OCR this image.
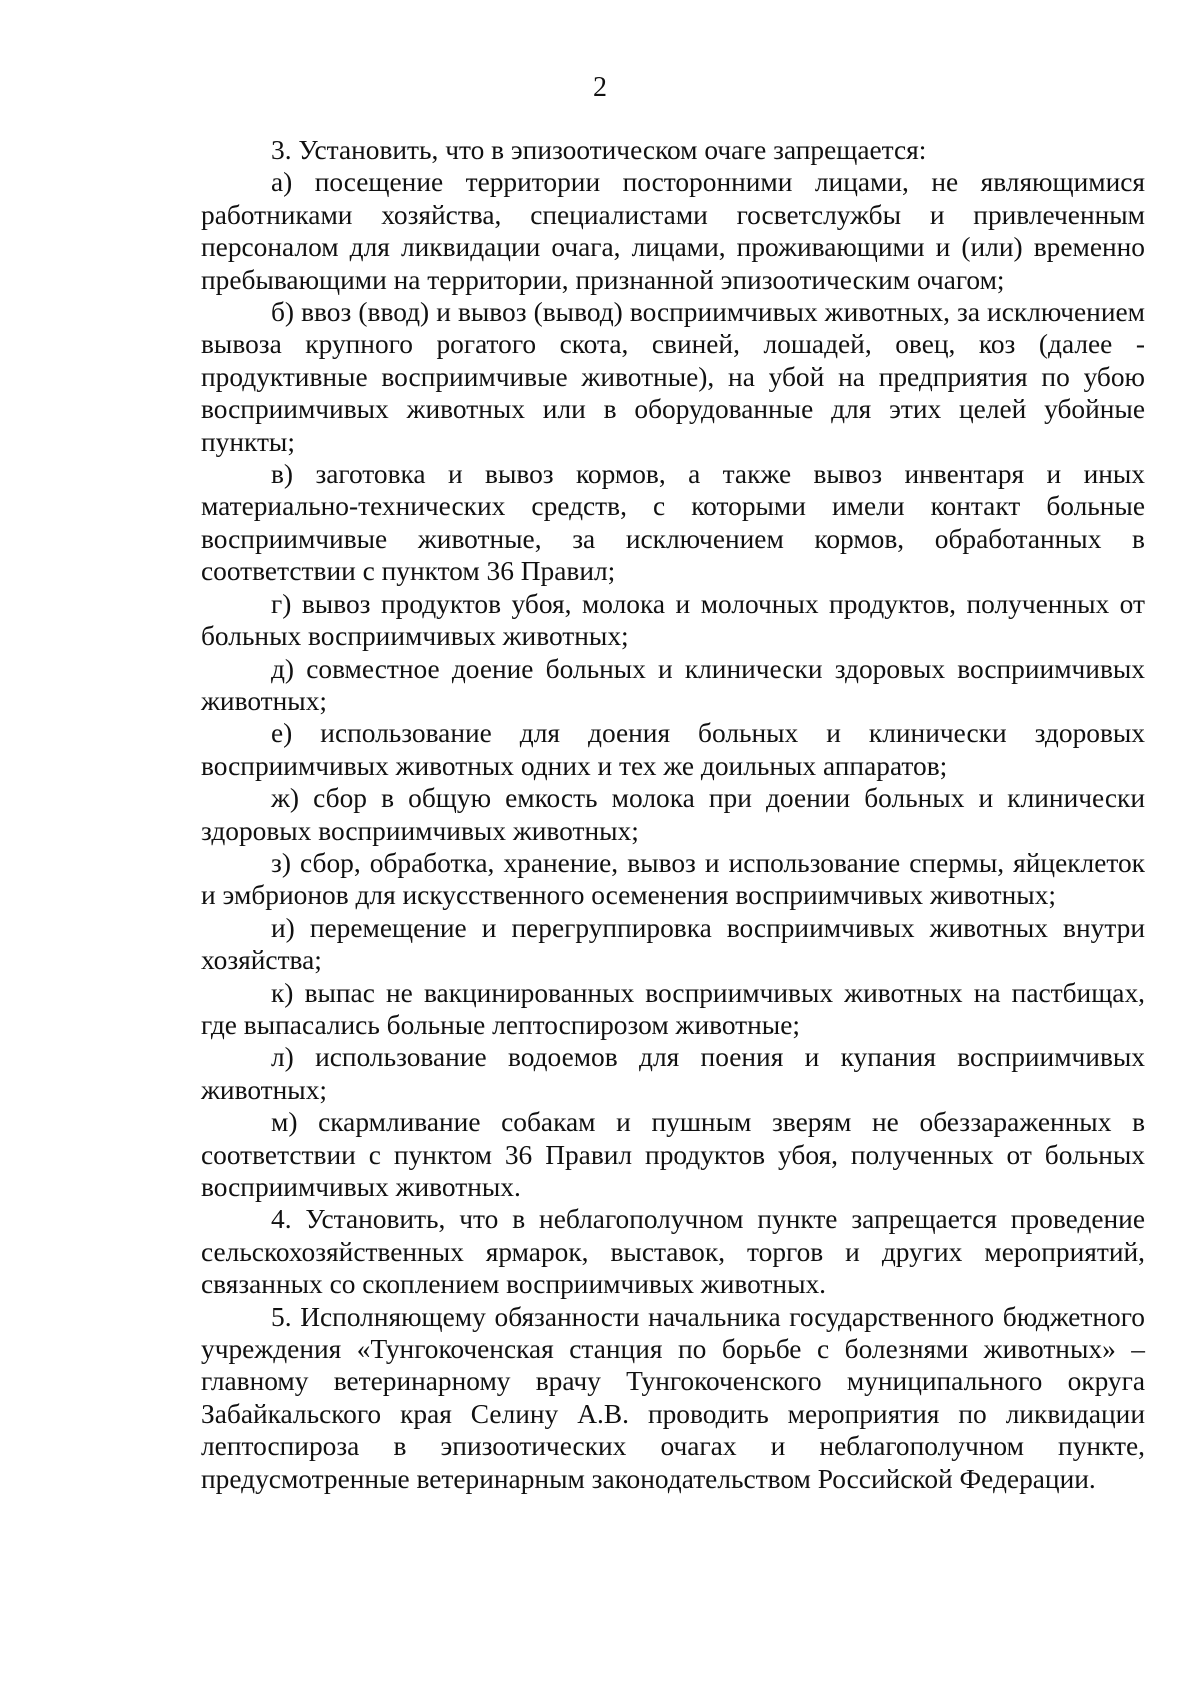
2

3. Установить, что в эпизоотическом очаге запрещается:

а) посещение территории посторонними лицами, не являющимися работниками хозяйства, специалистами госветслужбы и привлеченным персоналом для ликвидации очага, лицами, проживающими и (или) временно пребывающими на территории, признанной эпизоотическим очагом;

б) ввоз (ввод) и вывоз (вывод) восприимчивых животных, за исключением вывоза крупного рогатого скота, свиней, лошадей, овец, коз (далее - продуктивные восприимчивые животные), на убой на предприятия по убою восприимчивых животных или в оборудованные для этих целей убойные пункты;

в) заготовка и вывоз кормов, а также вывоз инвентаря и иных материально-технических средств, с которыми имели контакт больные восприимчивые животные, за исключением кормов, обработанных в соответствии с пунктом 36 Правил;

г) вывоз продуктов убоя, молока и молочных продуктов, полученных от больных восприимчивых животных;

д) совместное доение больных и клинически здоровых восприимчивых животных;

е) использование для доения больных и клинически здоровых восприимчивых животных одних и тех же доильных аппаратов;

ж) сбор в общую емкость молока при доении больных и клинически здоровых восприимчивых животных;

з) сбор, обработка, хранение, вывоз и использование спермы, яйцеклеток и эмбрионов для искусственного осеменения восприимчивых животных;

и) перемещение и перегруппировка восприимчивых животных внутри хозяйства;

к) выпас не вакцинированных восприимчивых животных на пастбищах, где выпасались больные лептоспирозом животные;

л) использование водоемов для поения и купания восприимчивых животных;

м) скармливание собакам и пушным зверям не обеззараженных в соответствии с пунктом 36 Правил продуктов убоя, полученных от больных восприимчивых животных.

4. Установить, что в неблагополучном пункте запрещается проведение сельскохозяйственных ярмарок, выставок, торгов и других мероприятий, связанных со скоплением восприимчивых животных.

5. Исполняющему обязанности начальника государственного бюджетного учреждения «Тунгокоченская станция по борьбе с болезнями животных» – главному ветеринарному врачу Тунгокоченского муниципального округа Забайкальского края Селину А.В. проводить мероприятия по ликвидации лептоспироза в эпизоотических очагах и неблагополучном пункте, предусмотренные ветеринарным законодательством Российской Федерации.
